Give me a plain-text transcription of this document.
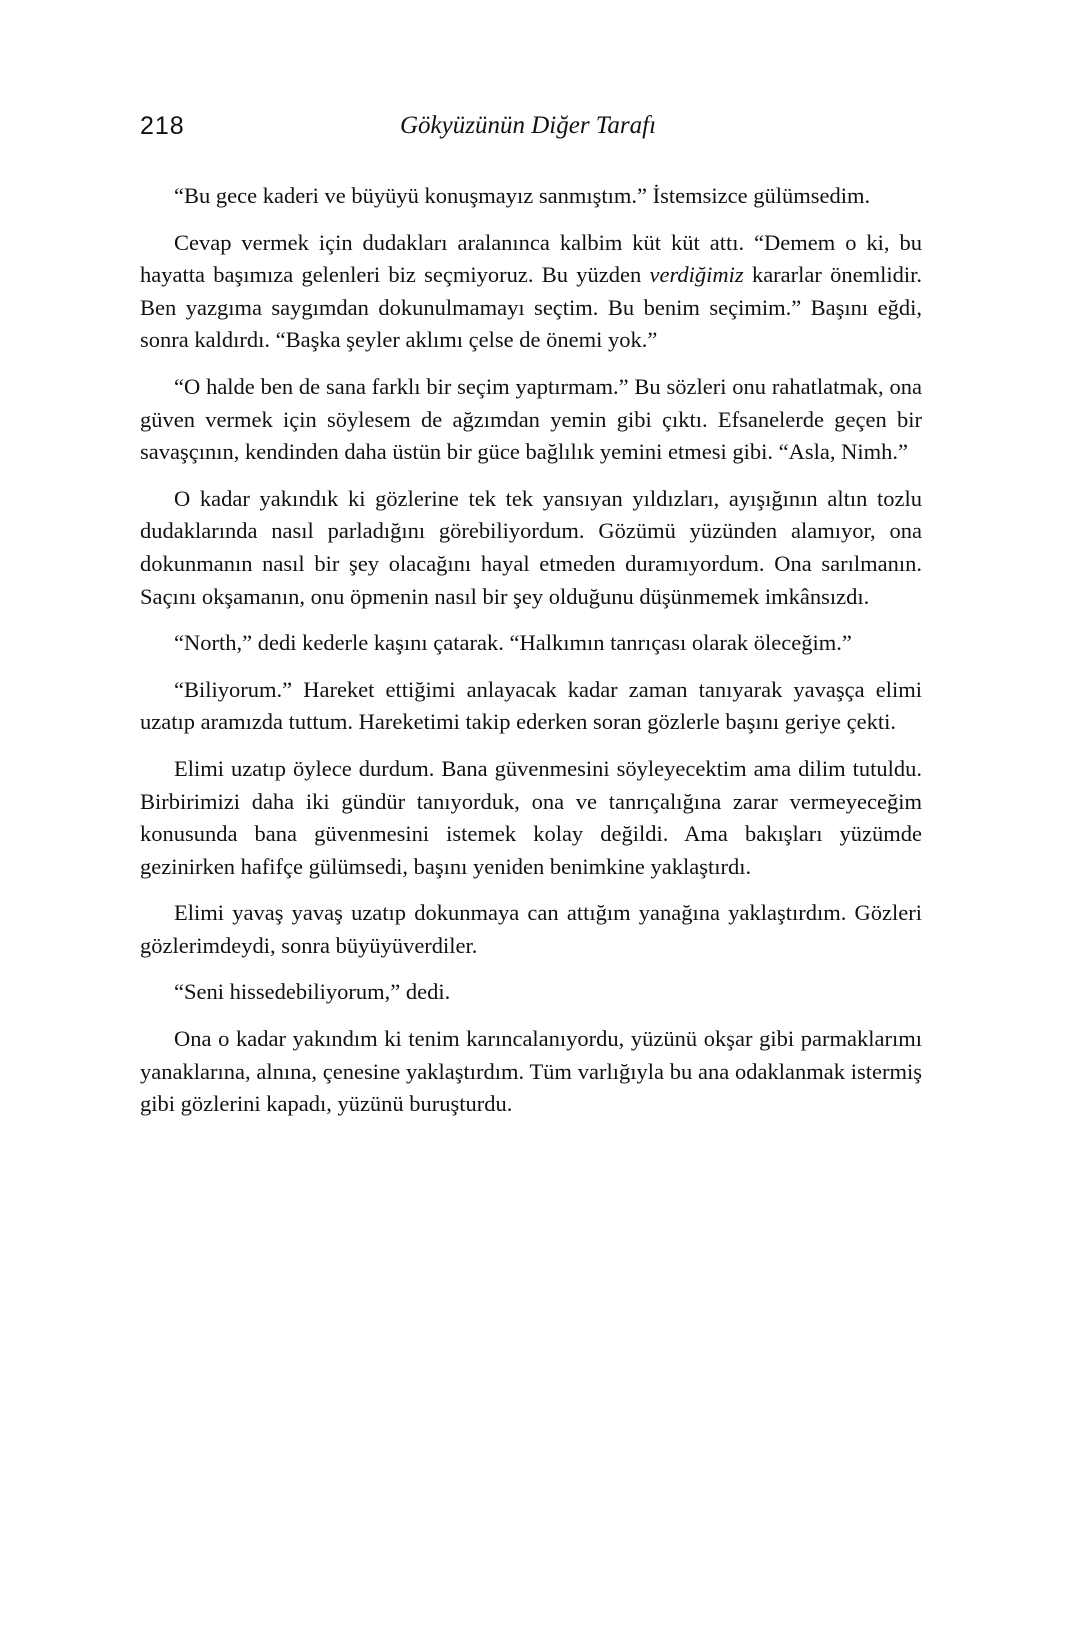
218	Gökyüzünün Diğer Tarafı

“Bu gece kaderi ve büyüyü konuşmayız sanmıştım.” İstemsizce gülümsedim.

Cevap vermek için dudakları aralanınca kalbim küt küt attı. “Demem o ki, bu hayatta başımıza gelenleri biz seçmiyoruz. Bu yüzden verdiğimiz kararlar önemlidir. Ben yazgıma saygımdan dokunulmamayı seçtim. Bu benim seçimim.” Başını eğdi, sonra kaldırdı. “Başka şeyler aklımı çelse de önemi yok.”

“O halde ben de sana farklı bir seçim yaptırmam.” Bu sözleri onu rahatlatmak, ona güven vermek için söylesem de ağzımdan yemin gibi çıktı. Efsanelerde geçen bir savaşçının, kendinden daha üstün bir güce bağlılık yemini etmesi gibi. “Asla, Nimh.”

O kadar yakındık ki gözlerine tek tek yansıyan yıldızları, ayışığının altın tozlu dudaklarında nasıl parladığını görebiliyordum. Gözümü yüzünden alamıyor, ona dokunmanın nasıl bir şey olacağını hayal etmeden duramıyordum. Ona sarılmanın. Saçını okşamanın, onu öpmenin nasıl bir şey olduğunu düşünmemek imkânsızdı.

“North,” dedi kederle kaşını çatarak. “Halkımın tanrıçası olarak öleceğim.”

“Biliyorum.” Hareket ettiğimi anlayacak kadar zaman tanıyarak yavaşça elimi uzatıp aramızda tuttum. Hareketimi takip ederken soran gözlerle başını geriye çekti.

Elimi uzatıp öylece durdum. Bana güvenmesini söyleyecektim ama dilim tutuldu. Birbirimizi daha iki gündür tanıyorduk, ona ve tanrıçalığına zarar vermeyeceğim konusunda bana güvenmesini istemek kolay değildi. Ama bakışları yüzümde gezinirken hafifçe gülümsedi, başını yeniden benimkine yaklaştırdı.

Elimi yavaş yavaş uzatıp dokunmaya can attığım yanağına yaklaştırdım. Gözleri gözlerimdeydi, sonra büyüyüverdiler.

“Seni hissedebiliyorum,” dedi.

Ona o kadar yakındım ki tenim karıncalanıyordu, yüzünü okşar gibi parmaklarımı yanaklarına, alnına, çenesine yaklaştırdım. Tüm varlığıyla bu ana odaklanmak istermiş gibi gözlerini kapadı, yüzünü buruşturdu.
